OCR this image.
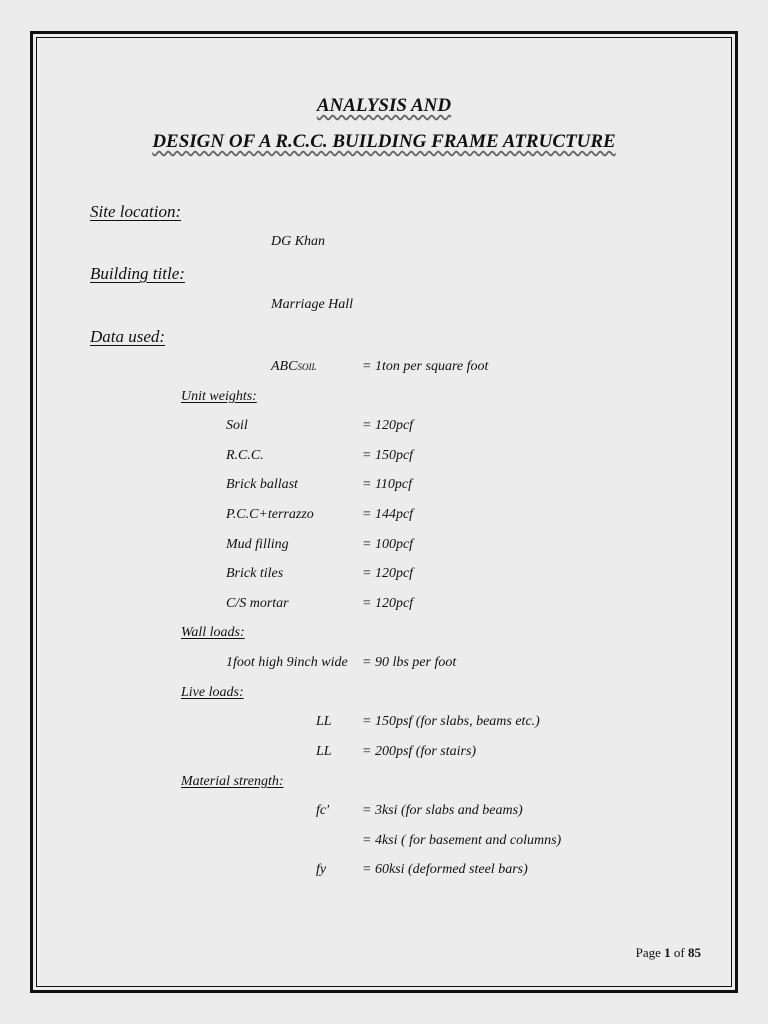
ANALYSIS AND
DESIGN OF A R.C.C. BUILDING FRAME ATRUCTURE
Site location:
DG Khan
Building title:
Marriage Hall
Data used:
ABCSOIL	= 1ton per square foot
Unit weights:
Soil	= 120pcf
R.C.C.	= 150pcf
Brick ballast	= 110pcf
P.C.C+terrazzo	= 144pcf
Mud filling	= 100pcf
Brick tiles	= 120pcf
C/S mortar	= 120pcf
Wall loads:
1foot high 9inch wide = 90 lbs per foot
Live loads:
LL = 150psf (for slabs, beams etc.)
LL = 200psf (for stairs)
Material strength:
fc′ = 3ksi (for slabs and beams)
= 4ksi ( for basement and columns)
fy	= 60ksi (deformed steel bars)
Page 1 of 85
